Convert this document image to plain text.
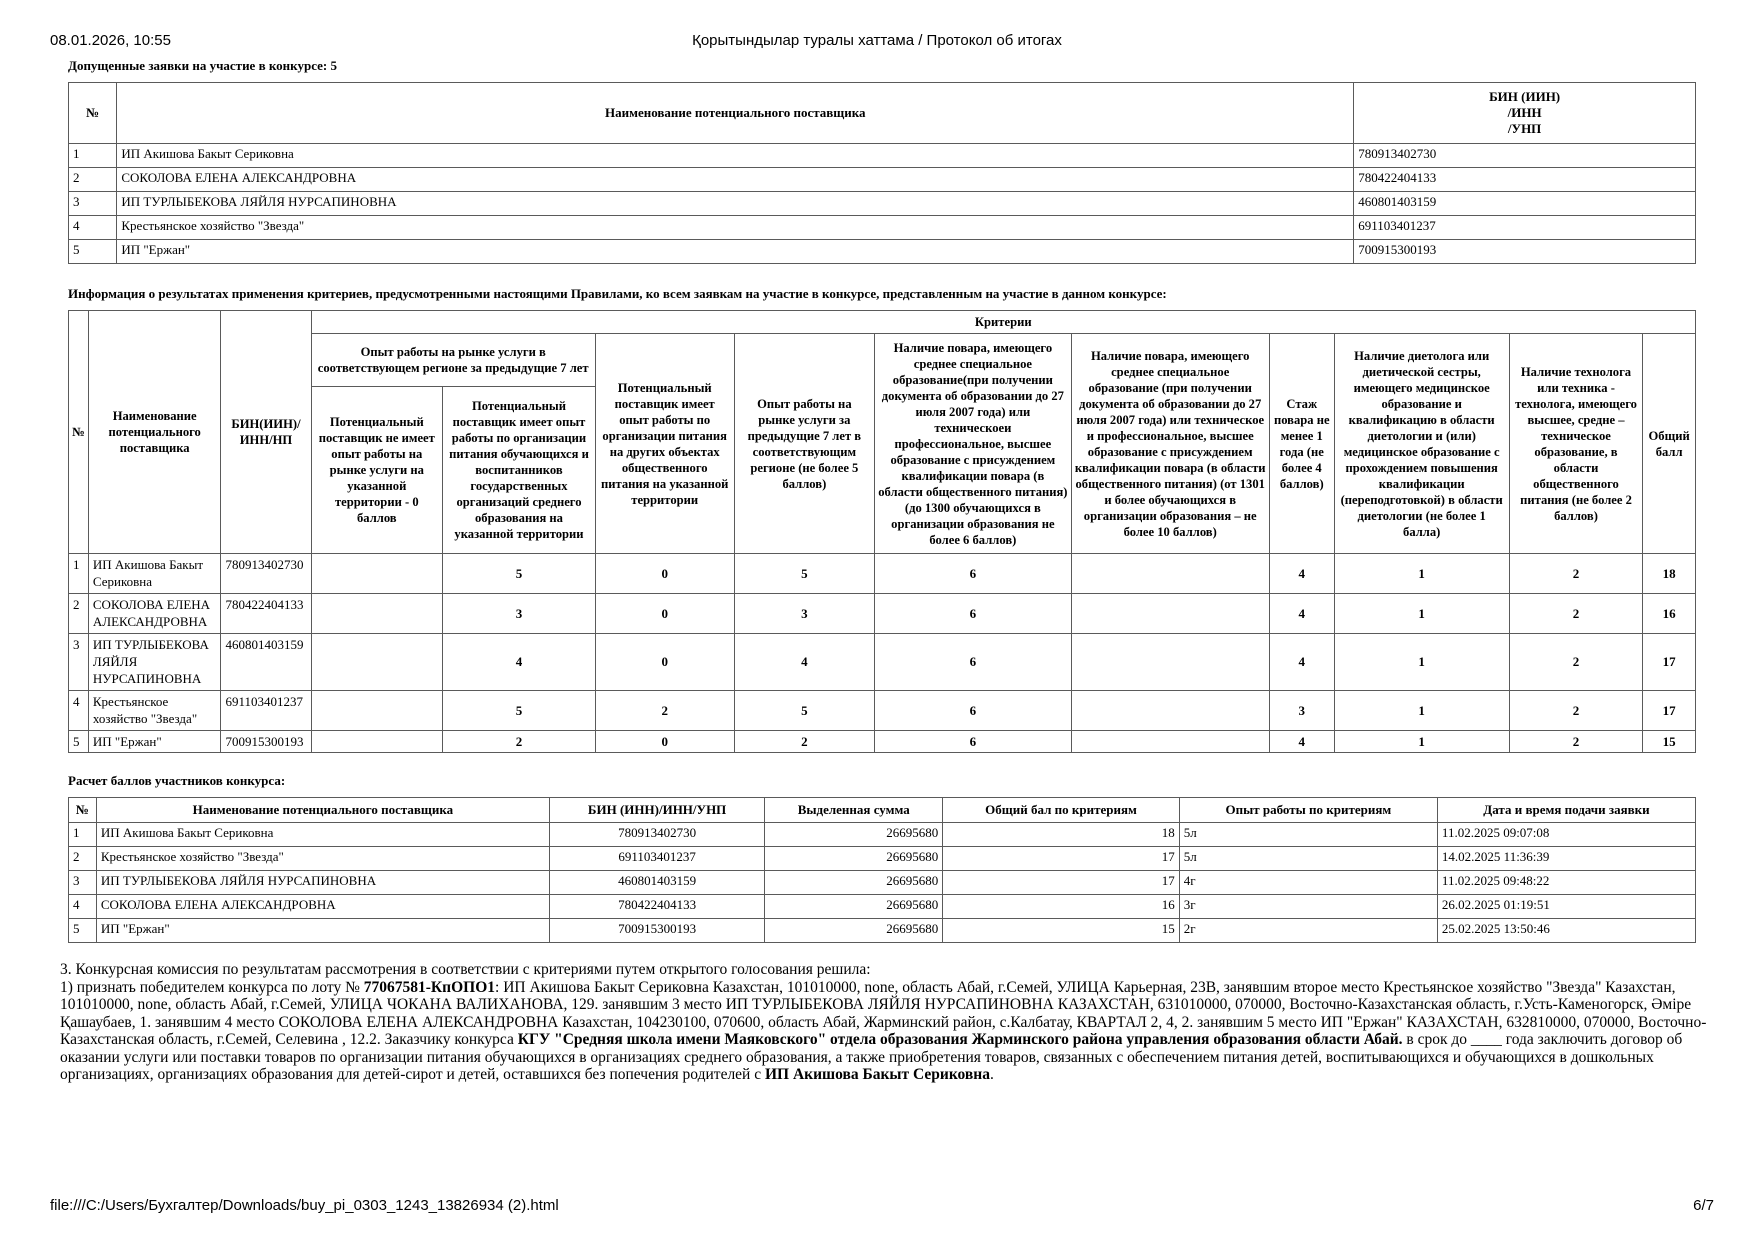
08.01.2026, 10:55	Қорытындылар туралы хаттама / Протокол об итогах
Допущенные заявки на участие в конкурсе: 5
№	Наименование потенциального поставщика	БИН (ИИН)
/ИНН
/УНП

1	ИП Акишова Бакыт Сериковна	780913402730
2	СОКОЛОВА ЕЛЕНА АЛЕКСАНДРОВНА	780422404133
3	ИП ТУРЛЫБЕКОВА ЛЯЙЛЯ НУРСАПИНОВНА	460801403159
4	Крестьянское хозяйство "Звезда"	691103401237
5	ИП "Ержан"	700915300193
Информация о результатах применения критериев, предусмотренными настоящими Правилами, ко всем заявкам на участие в конкурсе, представленным на участие в данном конкурсе:
№	Наименование потенциального поставщика	БИН(ИИН)/ ИНН/НП	Критерии									
Опыт работы на рынке услуги в соответствующем регионе за предыдущие 7 лет	Потенциальный поставщик имеет опыт работы по организации питания на других объектах общественного питания на указанной территории	Опыт работы на рынке услуги за предыдущие 7 лет в соответствующим регионе (не более 5 баллов)	Наличие повара, имеющего среднее специальное образование(при получении документа об образовании до 27 июля 2007 года) или техническоеи профессиональное, высшее образование с присуждением квалификации повара (в области общественного питания)(до 1300 обучающихся в организации образования не более 6 баллов)	Наличие повара, имеющего среднее специальное образование (при получении документа об образовании до 27 июля 2007 года) или техническое и профессиональное, высшее образование с присуждением квалификации повара (в области общественного питания) (от 1301 и более обучающихся в организации образования – не более 10 баллов)	Стаж повара не менее 1 года (не более 4 баллов)	Наличие диетолога или диетической сестры, имеющего медицинское образование и квалификацию в области диетологии и (или) медицинское образование с прохождением повышения квалификации (переподготовкой) в области диетологии (не более 1 балла)	Наличие технолога или техника - технолога, имеющего высшее, средне – техническое образование, в области общественного питания (не более 2 баллов)	Общий балл
			Потенциальный поставщик не имеет опыт работы на рынке услуги на указанной территории - 0 баллов	Потенциальный поставщик имеет опыт работы по организации питания обучающихся и воспитанников государственных организаций среднего образования на указанной территории								
1	ИП Акишова Бакыт Сериковна	780913402730		5	0	5	6		4	1	2	18
2	СОКОЛОВА ЕЛЕНА АЛЕКСАНДРОВНА	780422404133		3	0	3	6		4	1	2	16
3	ИП ТУРЛЫБЕКОВА ЛЯЙЛЯ НУРСАПИНОВНА	460801403159		4	0	4	6		4	1	2	17
4	Крестьянское хозяйство "Звезда"	691103401237		5	2	5	6		3	1	2	17
5	ИП "Ержан"	700915300193		2	0	2	6		4	1	2	15
Расчет баллов участников конкурса:
№	Наименование потенциального поставщика	БИН (ИНН)/ИНН/УНП	Выделенная сумма	Общий бал по критериям	Опыт работы по критериям	Дата и время подачи заявки
1	ИП Акишова Бакыт Сериковна	780913402730	26695680	18	5л	11.02.2025 09:07:08
2	Крестьянское хозяйство "Звезда"	691103401237	26695680	17	5л	14.02.2025 11:36:39
3	ИП ТУРЛЫБЕКОВА ЛЯЙЛЯ НУРСАПИНОВНА	460801403159	26695680	17	4г	11.02.2025 09:48:22
4	СОКОЛОВА ЕЛЕНА АЛЕКСАНДРОВНА	780422404133	26695680	16	3г	26.02.2025 01:19:51
5	ИП "Ержан"	700915300193	26695680	15	2г	25.02.2025 13:50:46
3. Конкурсная комиссия по результатам рассмотрения в соответствии с критериями путем открытого голосования решила:
1) признать победителем конкурса по лоту № 77067581-КпОПО1: ИП Акишова Бакыт Сериковна Казахстан, 101010000, none, область Абай, г.Семей, УЛИЦА Карьерная, 23В, занявшим второе место Крестьянское хозяйство "Звезда" Казахстан, 101010000, none, область Абай, г.Семей, УЛИЦА ЧОКАНА ВАЛИХАНОВА, 129. занявшим 3 место ИП ТУРЛЫБЕКОВА ЛЯЙЛЯ НУРСАПИНОВНА КАЗАХСТАН, 631010000, 070000, Восточно-Казахстанская область, г.Усть-Каменогорск, Әміре Қашаубаев, 1. занявшим 4 место СОКОЛОВА ЕЛЕНА АЛЕКСАНДРОВНА Казахстан, 104230100, 070600, область Абай, Жарминский район, с.Калбатау, КВАРТАЛ 2, 4, 2. занявшим 5 место ИП "Ержан" КАЗАХСТАН, 632810000, 070000, Восточно-Казахстанская область, г.Семей, Селевина , 12.2. Заказчику конкурса КГУ "Средняя школа имени Маяковского" отдела образования Жарминского района управления образования области Абай. в срок до ____ года заключить договор об оказании услуги или поставки товаров по организации питания обучающихся в организациях среднего образования, а также приобретения товаров, связанных с обеспечением питания детей, воспитывающихся и обучающихся в дошкольных организациях, организациях образования для детей-сирот и детей, оставшихся без попечения родителей с ИП Акишова Бакыт Сериковна.
file:///C:/Users/Бухгалтер/Downloads/buy_pi_0303_1243_13826934 (2).html	6/7
